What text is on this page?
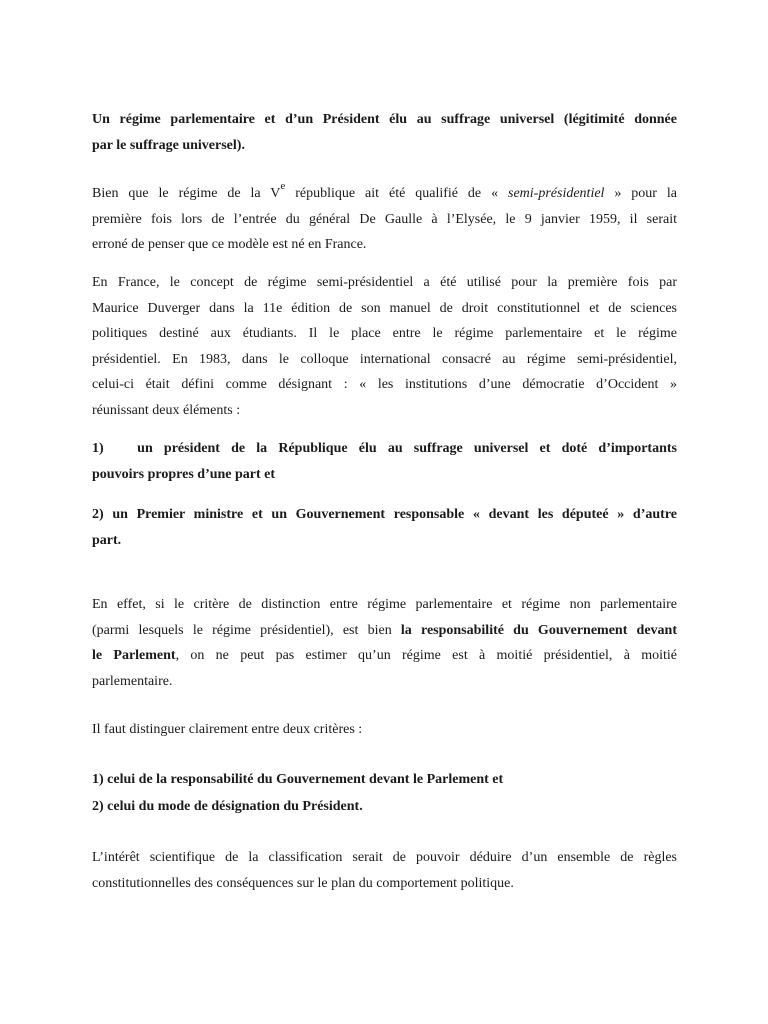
Un régime parlementaire et d’un Président élu au suffrage universel (légitimité donnée
par le suffrage universel).
Bien que le régime de la Ve république ait été qualifié de « semi-présidentiel » pour la
première fois lors de l’entrée du général De Gaulle à l’Elysée, le 9 janvier 1959, il serait
erroné de penser que ce modèle est né en France.
En France, le concept de régime semi-présidentiel a été utilisé pour la première fois par
Maurice Duverger dans la 11e édition de son manuel de droit constitutionnel et de sciences
politiques destiné aux étudiants. Il le place entre le régime parlementaire et le régime
présidentiel. En 1983, dans le colloque international consacré au régime semi-présidentiel,
celui-ci était défini comme désignant : « les institutions d’une démocratie d’Occident »
réunissant deux éléments :
1)   un président de la République élu au suffrage universel et doté d’importants
pouvoirs propres d’une part et
2) un Premier ministre et un Gouvernement responsable « devant les députeé » d’autre
part.
En effet, si le critère de distinction entre régime parlementaire et régime non parlementaire
(parmi lesquels le régime présidentiel), est bien la responsabilité du Gouvernement devant
le Parlement, on ne peut pas estimer qu’un régime est à moitié présidentiel, à moitié
parlementaire.
Il faut distinguer clairement entre deux critères :
1) celui de la responsabilité du Gouvernement devant le Parlement et
2) celui du mode de désignation du Président.
L’intérêt scientifique de la classification serait de pouvoir déduire d’un ensemble de règles
constitutionnelles des conséquences sur le plan du comportement politique.
